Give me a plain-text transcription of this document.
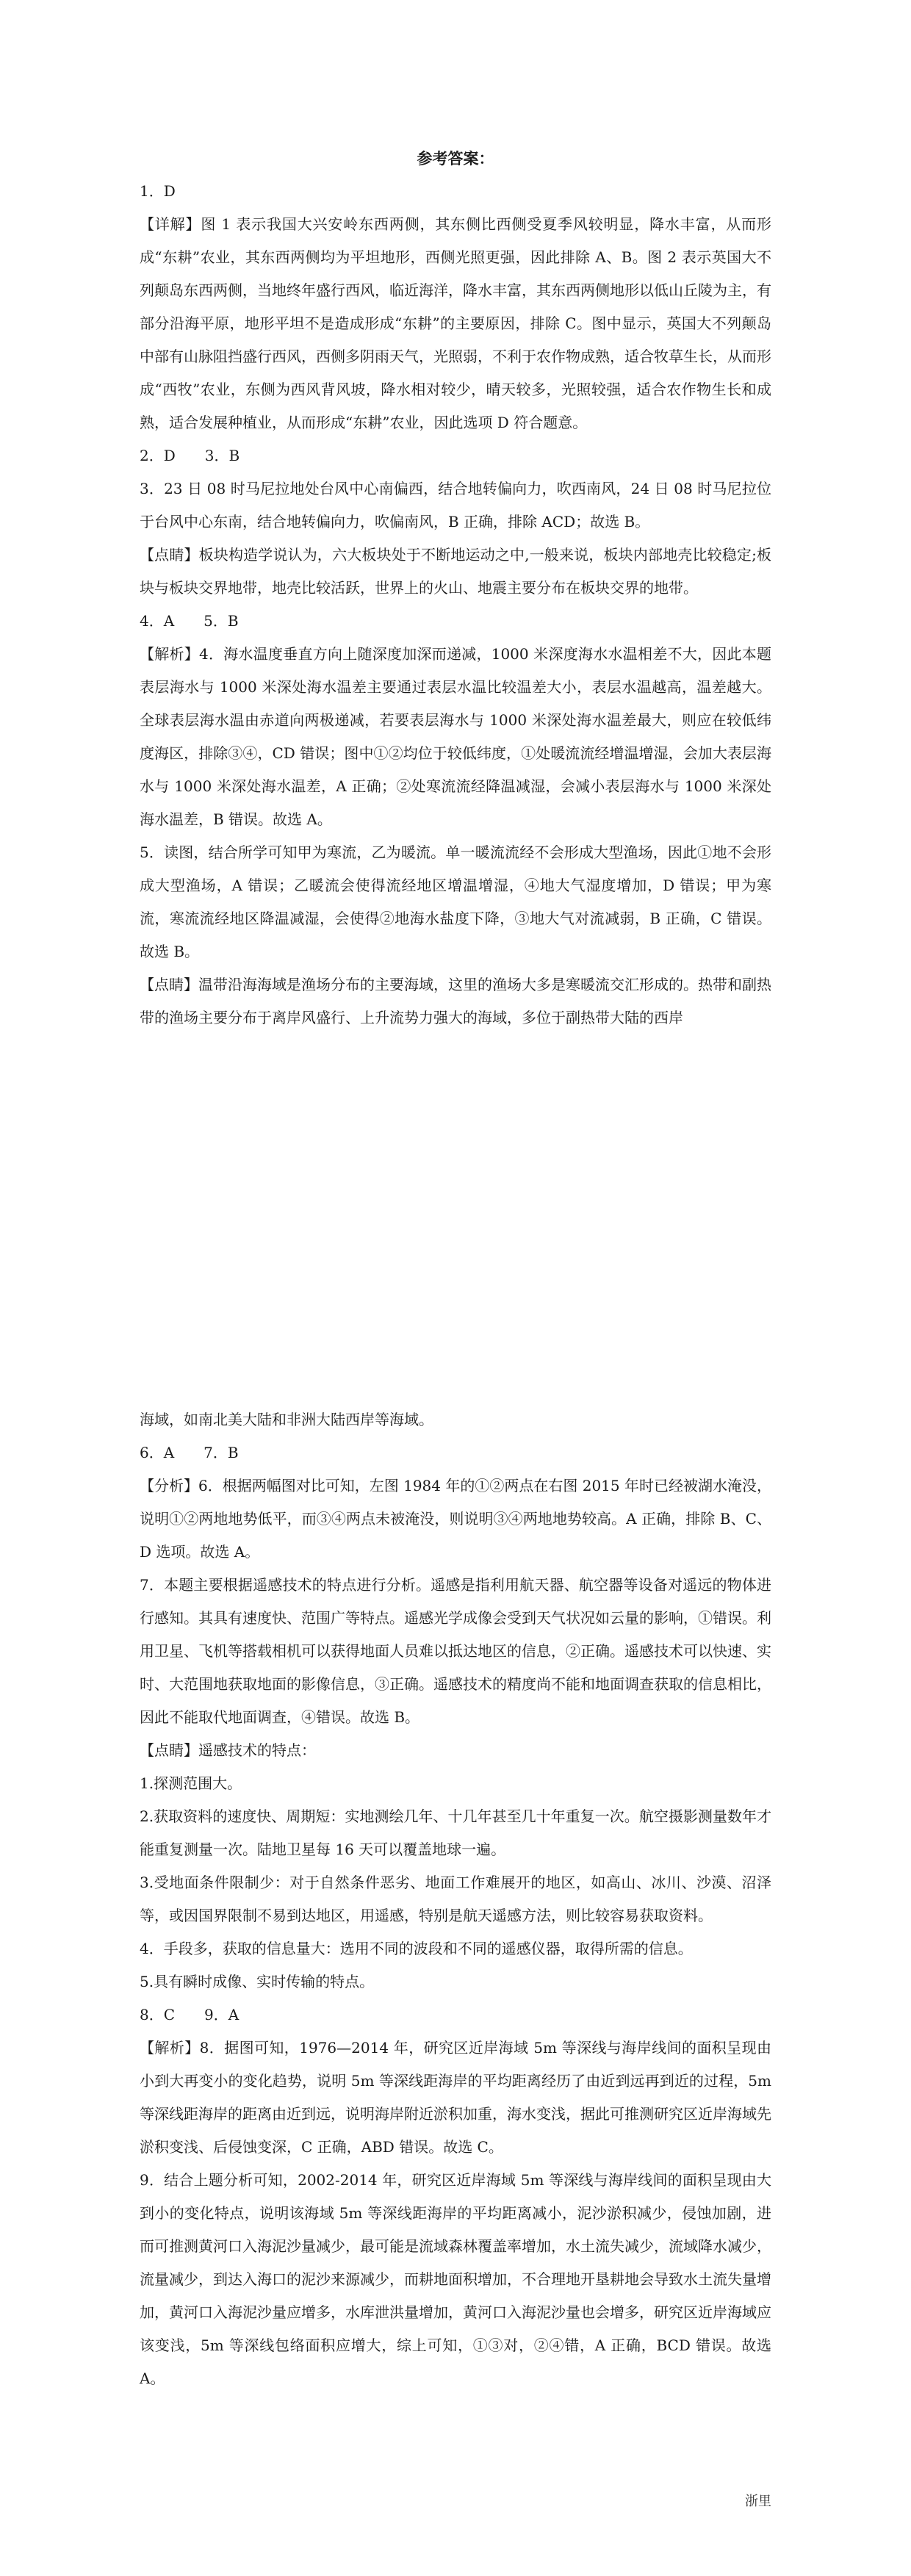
参考答案：

1．D

【详解】图 1 表示我国大兴安岭东西两侧，其东侧比西侧受夏季风较明显，降水丰富，从而形成“东耕”农业，其东西两侧均为平坦地形，西侧光照更强，因此排除 A、B。图 2 表示英国大不列颠岛东西两侧，当地终年盛行西风，临近海洋，降水丰富，其东西两侧地形以低山丘陵为主，有部分沿海平原，地形平坦不是造成形成“东耕”的主要原因，排除 C。图中显示，英国大不列颠岛中部有山脉阻挡盛行西风，西侧多阴雨天气，光照弱，不利于农作物成熟，适合牧草生长，从而形成“西牧”农业，东侧为西风背风坡，降水相对较少，晴天较多，光照较强，适合农作物生长和成熟，适合发展种植业，从而形成“东耕”农业，因此选项 D 符合题意。

2．D　　3．B

3．23 日 08 时马尼拉地处台风中心南偏西，结合地转偏向力，吹西南风，24 日 08 时马尼拉位于台风中心东南，结合地转偏向力，吹偏南风，B 正确，排除 ACD；故选 B。

【点睛】板块构造学说认为，六大板块处于不断地运动之中,一般来说，板块内部地壳比较稳定;板块与板块交界地带，地壳比较活跃，世界上的火山、地震主要分布在板块交界的地带。

4．A　　5．B

【解析】4．海水温度垂直方向上随深度加深而递减，1000 米深度海水水温相差不大，因此本题表层海水与 1000 米深处海水温差主要通过表层水温比较温差大小，表层水温越高，温差越大。全球表层海水温由赤道向两极递减，若要表层海水与 1000 米深处海水温差最大，则应在较低纬度海区，排除③④，CD 错误；图中①②均位于较低纬度，①处暖流流经增温增湿，会加大表层海水与 1000 米深处海水温差，A 正确；②处寒流流经降温减湿，会减小表层海水与 1000 米深处海水温差，B 错误。故选 A。

5．读图，结合所学可知甲为寒流，乙为暖流。单一暖流流经不会形成大型渔场，因此①地不会形成大型渔场，A 错误；乙暖流会使得流经地区增温增湿，④地大气湿度增加，D 错误；甲为寒流，寒流流经地区降温减湿，会使得②地海水盐度下降，③地大气对流减弱，B 正确，C 错误。故选 B。

【点睛】温带沿海海域是渔场分布的主要海域，这里的渔场大多是寒暖流交汇形成的。热带和副热带的渔场主要分布于离岸风盛行、上升流势力强大的海域，多位于副热带大陆的西岸

海域，如南北美大陆和非洲大陆西岸等海域。

6．A　　7．B

【分析】6．根据两幅图对比可知，左图 1984 年的①②两点在右图 2015 年时已经被湖水淹没，说明①②两地地势低平，而③④两点未被淹没，则说明③④两地地势较高。A 正确，排除 B、C、D 选项。故选 A。

7．本题主要根据遥感技术的特点进行分析。遥感是指利用航天器、航空器等设备对遥远的物体进行感知。其具有速度快、范围广等特点。遥感光学成像会受到天气状况如云量的影响，①错误。利用卫星、飞机等搭载相机可以获得地面人员难以抵达地区的信息，②正确。遥感技术可以快速、实时、大范围地获取地面的影像信息，③正确。遥感技术的精度尚不能和地面调查获取的信息相比，因此不能取代地面调查，④错误。故选 B。

【点睛】遥感技术的特点：

1.探测范围大。

2.获取资料的速度快、周期短：实地测绘几年、十几年甚至几十年重复一次。航空摄影测量数年才能重复测量一次。陆地卫星每 16 天可以覆盖地球一遍。

3.受地面条件限制少：对于自然条件恶劣、地面工作难展开的地区，如高山、冰川、沙漠、沼泽等，或因国界限制不易到达地区，用遥感，特别是航天遥感方法，则比较容易获取资料。

4．手段多，获取的信息量大：选用不同的波段和不同的遥感仪器，取得所需的信息。

5.具有瞬时成像、实时传输的特点。

8．C　　9．A

【解析】8．据图可知，1976—2014 年，研究区近岸海域 5m 等深线与海岸线间的面积呈现由小到大再变小的变化趋势，说明 5m 等深线距海岸的平均距离经历了由近到远再到近的过程，5m 等深线距海岸的距离由近到远，说明海岸附近淤积加重，海水变浅，据此可推测研究区近岸海域先淤积变浅、后侵蚀变深，C 正确，ABD 错误。故选 C。

9．结合上题分析可知，2002-2014 年，研究区近岸海域 5m 等深线与海岸线间的面积呈现由大到小的变化特点，说明该海域 5m 等深线距海岸的平均距离减小，泥沙淤积减少，侵蚀加剧，进而可推测黄河口入海泥沙量减少，最可能是流域森林覆盖率增加，水土流失减少，流域降水减少，流量减少，到达入海口的泥沙来源减少，而耕地面积增加，不合理地开垦耕地会导致水土流失量增加，黄河口入海泥沙量应增多，水库泄洪量增加，黄河口入海泥沙量也会增多，研究区近岸海域应该变浅，5m 等深线包络面积应增大，综上可知，①③对，②④错，A 正确，BCD 错误。故选 A。

浙里
